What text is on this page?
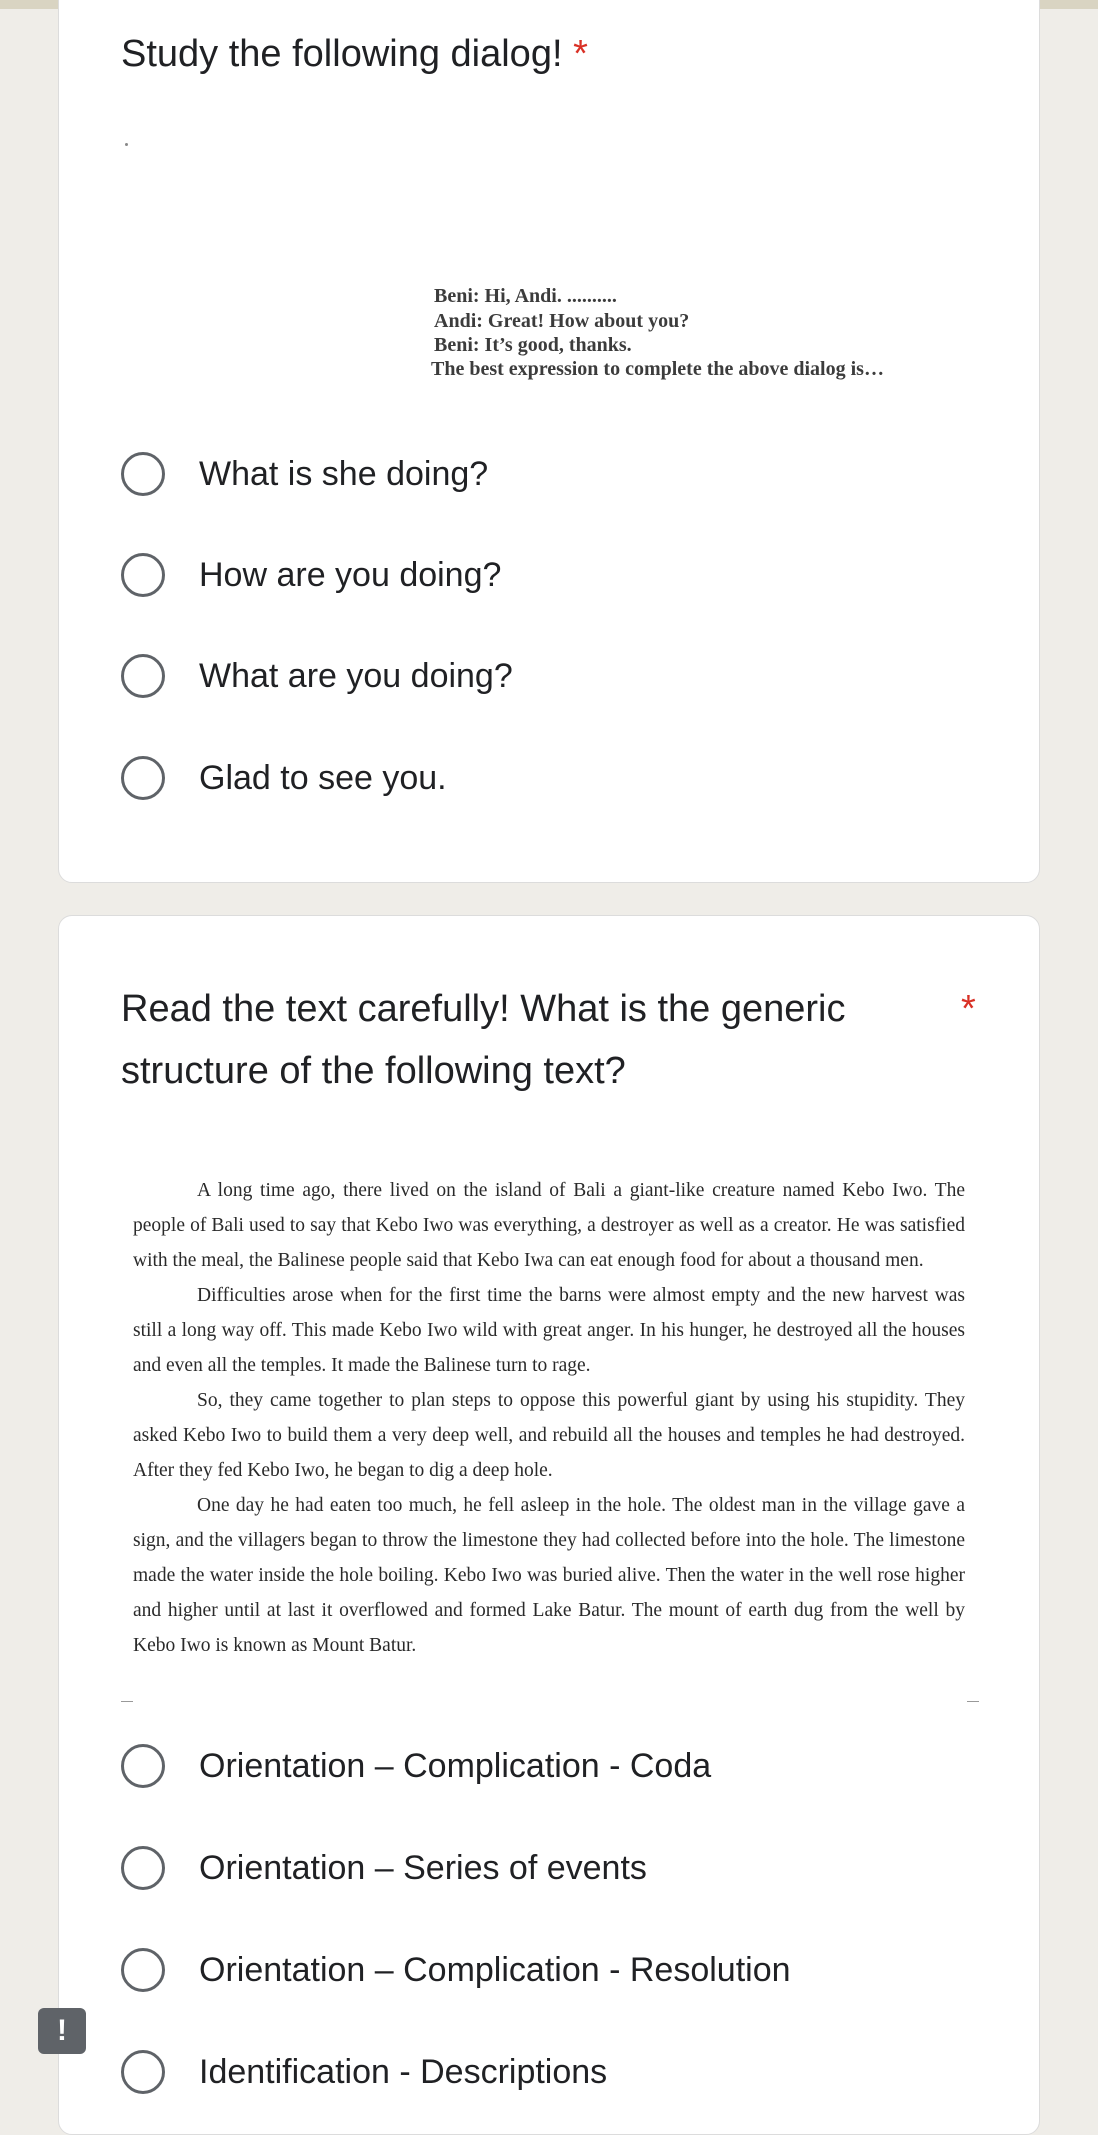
Study the following dialog! *
Beni: Hi, Andi. ..........
Andi: Great! How about you?
Beni: It’s good, thanks.
The best expression to complete the above dialog is…
What is she doing?
How are you doing?
What are you doing?
Glad to see you.
Read the text carefully! What is the generic	*
structure of the following text?

A long time ago, there lived on the island of Bali a giant-like creature named Kebo Iwo. The people of Bali used to say that Kebo Iwo was everything, a destroyer as well as a creator. He was satisfied with the meal, the Balinese people said that Kebo Iwa can eat enough food for about a thousand men.

Difficulties arose when for the first time the barns were almost empty and the new harvest was still a long way off. This made Kebo Iwo wild with great anger. In his hunger, he destroyed all the houses and even all the temples. It made the Balinese turn to rage.

So, they came together to plan steps to oppose this powerful giant by using his stupidity. They asked Kebo Iwo to build them a very deep well, and rebuild all the houses and temples he had destroyed. After they fed Kebo Iwo, he began to dig a deep hole.

One day he had eaten too much, he fell asleep in the hole. The oldest man in the village gave a sign, and the villagers began to throw the limestone they had collected before into the hole. The limestone made the water inside the hole boiling. Kebo Iwo was buried alive. Then the water in the well rose higher and higher until at last it overflowed and formed Lake Batur. The mount of earth dug from the well by Kebo Iwo is known as Mount Batur.

Orientation – Complication - Coda
Orientation – Series of events
Orientation – Complication - Resolution
Identification - Descriptions
!
